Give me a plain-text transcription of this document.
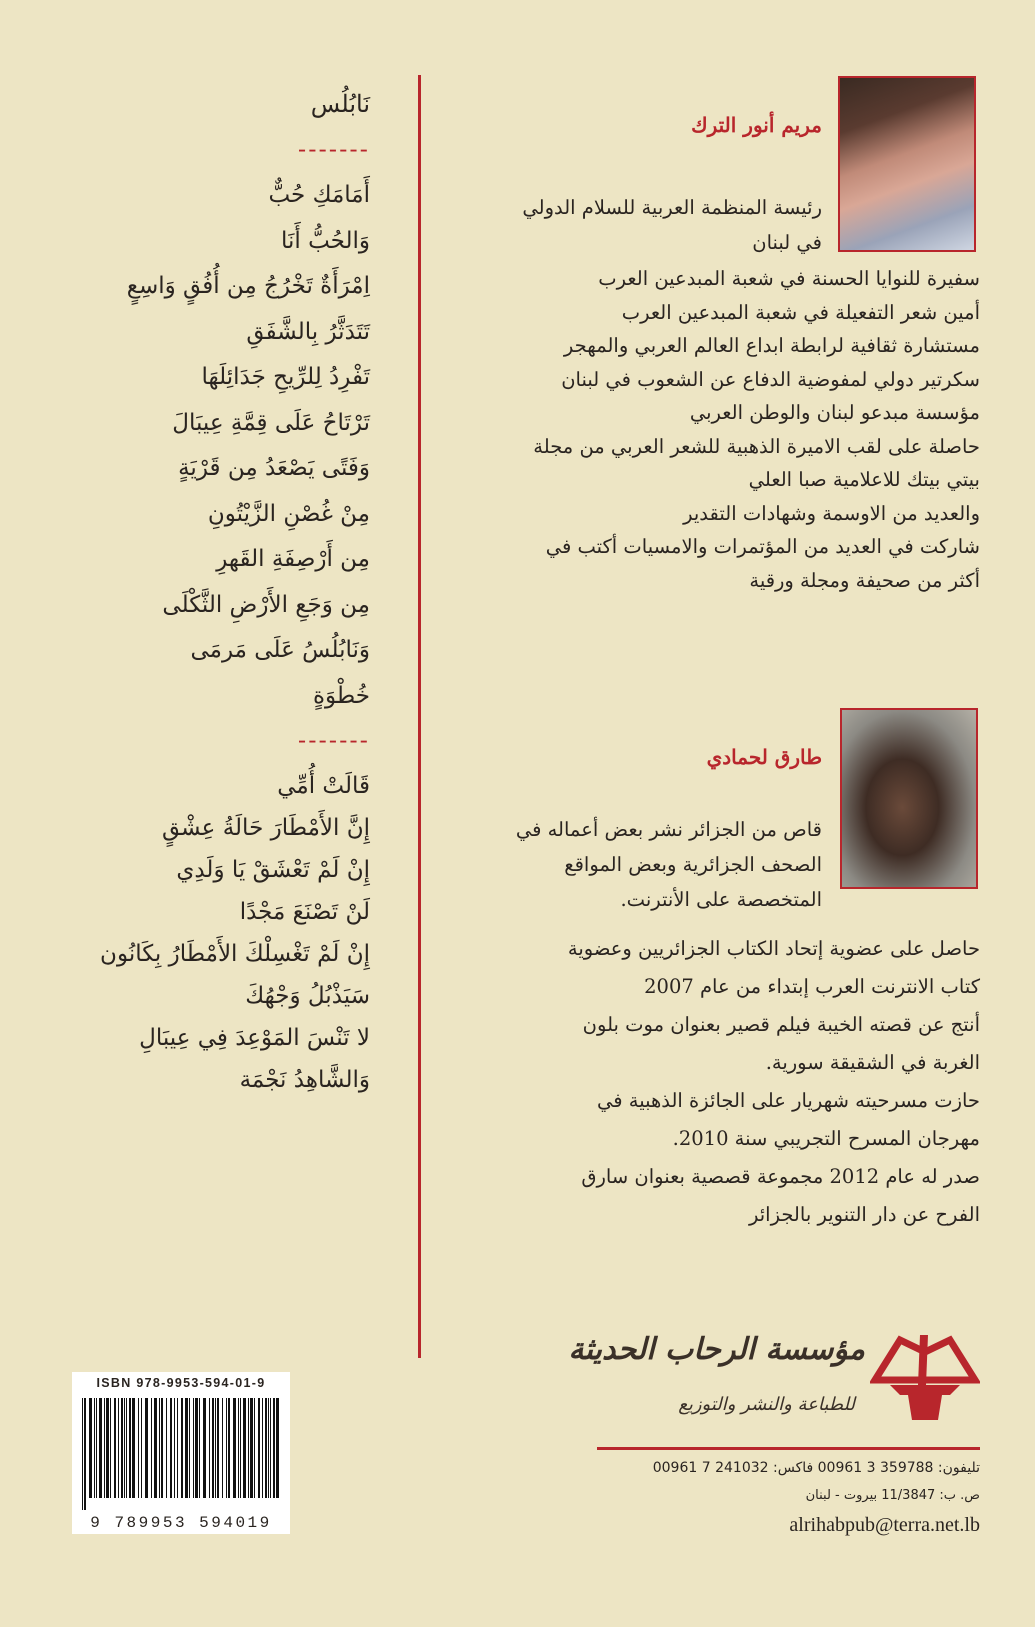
نَابُلُس
-------
أَمَامَكِ حُبٌّ
وَالحُبُّ أَنَا
اِمْرَأَةٌ تَخْرُجُ مِن أُفُقٍ وَاسِعٍ
تَتَدَثَّرُ بِالشَّفَقِ
تَفْرِدُ لِلرِّيحِ جَدَائِلَهَا
تَرْتَاحُ عَلَى قِمَّةِ عِيبَالَ
وَفَتًى يَصْعَدُ مِن قَرْيَةٍ
مِنْ غُصْنِ الزَّيْتُونِ
مِن أَرْصِفَةِ القَهرِ
مِن وَجَعِ الأَرْضِ الثَّكْلَى
وَنَابُلُسُ عَلَى مَرمَى
خُطْوَةٍ
-------
قَالَتْ أُمِّي
إِنَّ الأَمْطَارَ حَالَةُ عِشْقٍ
إِنْ لَمْ تَعْشَقْ يَا وَلَدِي
لَنْ تَصْنَعَ مَجْدًا
إِنْ لَمْ تَغْسِلْكَ الأَمْطَارُ بِكَانُون
سَيَذْبُلُ وَجْهُكَ
لا تَنْسَ المَوْعِدَ فِي عِيبَالِ
وَالشَّاهِدُ نَجْمَة
مريم أنور الترك
رئيسة المنظمة العربية للسلام الدولي
في لبنان
سفيرة للنوايا الحسنة في شعبة المبدعين العرب
أمين شعر التفعيلة في شعبة المبدعين العرب
مستشارة ثقافية لرابطة ابداع العالم العربي والمهجر
سكرتير دولي لمفوضية الدفاع عن الشعوب في لبنان
مؤسسة مبدعو لبنان والوطن العربي
حاصلة على لقب الاميرة الذهبية للشعر العربي من مجلة
بيتي بيتك للاعلامية صبا العلي
والعديد من الاوسمة وشهادات التقدير
شاركت في العديد من المؤتمرات والامسيات أكتب في
أكثر من صحيفة ومجلة ورقية
طارق لحمادي
قاص من الجزائر نشر بعض أعماله في
الصحف الجزائرية وبعض المواقع
المتخصصة على الأنترنت.
حاصل على عضوية إتحاد الكتاب الجزائريين وعضوية
كتاب الانترنت العرب إبتداء من عام 2007
أنتج عن قصته الخيبة فيلم قصير بعنوان موت بلون
الغربة في الشقيقة سورية.
حازت مسرحيته شهريار على الجائزة الذهبية في
مهرجان المسرح التجريبي سنة 2010.
صدر له عام 2012 مجموعة قصصية بعنوان سارق
الفرح عن دار التنوير بالجزائر
مؤسسة الرحاب الحديثة
للطباعة والنشر والتوزيع
تليفون: 359788 3 00961 فاكس: 241032 7 00961
ص. ب: 11/3847 بيروت - لبنان
alrihabpub@terra.net.lb
ISBN 978-9953-594-01-9
9 789953 594019
